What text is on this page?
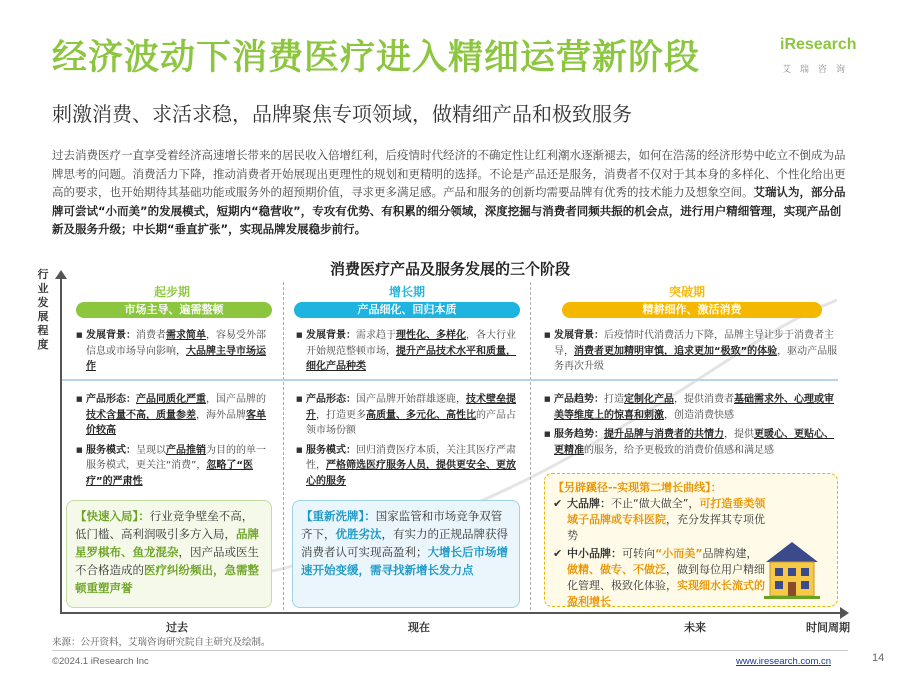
经济波动下消费医疗进入精细运营新阶段	iResearch
艾瑞咨询
刺激消费、求活求稳，品牌聚焦专项领域，做精细产品和极致服务
过去消费医疗一直享受着经济高速增长带来的居民收入倍增红利，后疫情时代经济的不确定性让红利潮水逐渐褪去，如何在浩荡的经济形势中屹立不倒成为品牌思考的问题。消费活力下降，推动消费者开始展现出更理性的规划和更精明的选择。不论是产品还是服务，消费者不仅对于其本身的多样化、个性化给出更高的要求，也开始期待其基础功能或服务外的超预期价值，寻求更多满足感。产品和服务的创新均需要品牌有优秀的技术能力及想象空间。艾瑞认为，部分品牌可尝试“小而美”的发展模式，短期内“稳营收”，专攻有优势、有积累的细分领域，深度挖掘与消费者同频共振的机会点，进行用户精细管理，实现产品创新及服务升级；中长期“垂直扩张”，实现品牌发展稳步前行。
消费医疗产品及服务发展的三个阶段
行业发展程度
过去	现在	未来	时间周期
起步期	增长期	突破期
市场主导、遍需整顿	产品细化、回归本质	精耕细作、激活消费
■ 发展背景：消费者需求简单，容易受外部信息或市场导向影响，大品牌主导市场运作
■ 产品形态：产品同质化严重，国产品牌的技术含量不高，质量参差，海外品牌客单价较高
■ 服务模式：呈现以产品推销为目的的单一服务模式，更关注“消费”，忽略了“医疗”的严肃性
■ 发展背景：需求趋于理性化、多样化，各大行业开始规范整顿市场，提升产品技术水平和质量，细化产品种类
■ 产品形态：国产品牌开始群雄逐鹿，技术壁垒提升，打造更多高质量、多元化、高性比的产品占领市场份额
■ 服务模式：回归消费医疗本质，关注其医疗严肃性，严格筛选医疗服务人员，提供更安全、更放心的服务
■ 发展背景：后疫情时代消费活力下降，品牌主导让步于消费者主导，消费者更加精明审慎，追求更加“极致”的体验，驱动产品服务再次升级
■ 产品趋势：打造定制化产品，提供消费者基础需求外、心理或审美等维度上的惊喜和刺激，创造消费快感
■ 服务趋势：提升品牌与消费者的共情力，提供更暖心、更贴心、更精准的服务，给予更极致的消费价值感和满足感
【快速入局】：行业竞争壁垒不高，低门槛、高利润吸引多方入局，品牌星罗棋布、鱼龙混杂，因产品或医生不合格造成的医疗纠纷频出，急需整顿重塑声誉
【重新洗牌】：国家监管和市场竞争双管齐下，优胜劣汰，有实力的正规品牌获得消费者认可实现高盈利；大增长后市场增速开始变缓，需寻找新增长发力点
【另辟蹊径--实现第二增长曲线】：
✔ 大品牌：不止“做大做全”，可打造垂类领域子品牌或专科医院，充分发挥其专项优势
✔ 中小品牌：可转向“小而美”品牌构建，做精、做专、不做泛，做到每位用户精细化管理、极致化体验，实现细水长流式的盈利增长
来源：公开资料，艾瑞咨询研究院自主研究及绘制。
©2024.1 iResearch Inc	www.iresearch.com.cn	14
